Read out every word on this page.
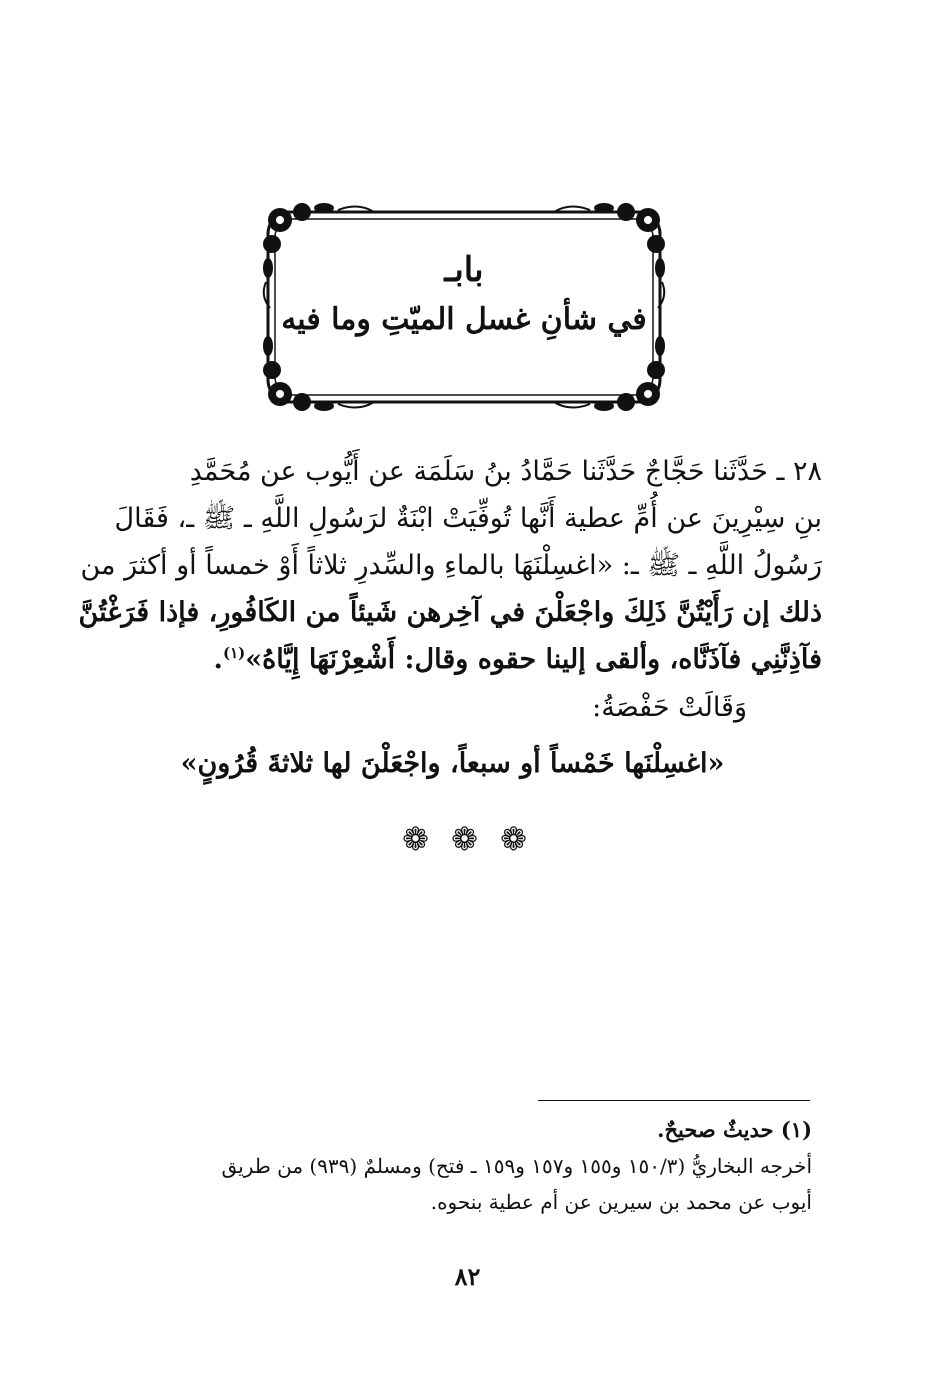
بابـ
في شأنِ غسل الميّتِ وما فيه
٢٨ ـ حَدَّثَنا حَجَّاجٌ حَدَّثَنا حَمَّادُ بنُ سَلَمَة عن أَيُّوب عن مُحَمَّدِ
بنِ سِيْرِينَ عن أُمِّ عطية أَنَّها تُوفِّيَتْ ابْنَةٌ لرَسُولِ اللَّهِ ـ ﷺ ـ، فَقَالَ
رَسُولُ اللَّهِ ـ ﷺ ـ: «اغسِلْنَهَا بالماءِ والسِّدرِ ثلاثاً أَوْ خمساً أو أكثرَ من
ذلك إن رَأَيْتُنَّ ذَلِكَ واجْعَلْنَ في آخِرهن شَيئاً من الكَافُورِ، فإذا فَرَغْتُنَّ
فآذِنَّنِي فآذَنَّاه، وألقى إلينا حقوه وقال: أَشْعِرْنَهَا إِيَّاهُ»$^{(١)}$.
وَقَالَتْ حَفْصَةُ:
«اغسِلْنَها خَمْساً أو سبعاً، واجْعَلْنَ لها ثلاثةَ قُرُونٍ»
❁ ❁ ❁
(١) حديثٌ صحيحٌ.
أخرجه البخاريُّ (١٥٠/٣ و١٥٥ و١٥٧ و١٥٩ ـ فتح) ومسلمٌ (٩٣٩) من طريق
أيوب عن محمد بن سيرين عن أم عطية بنحوه.
٨٢
